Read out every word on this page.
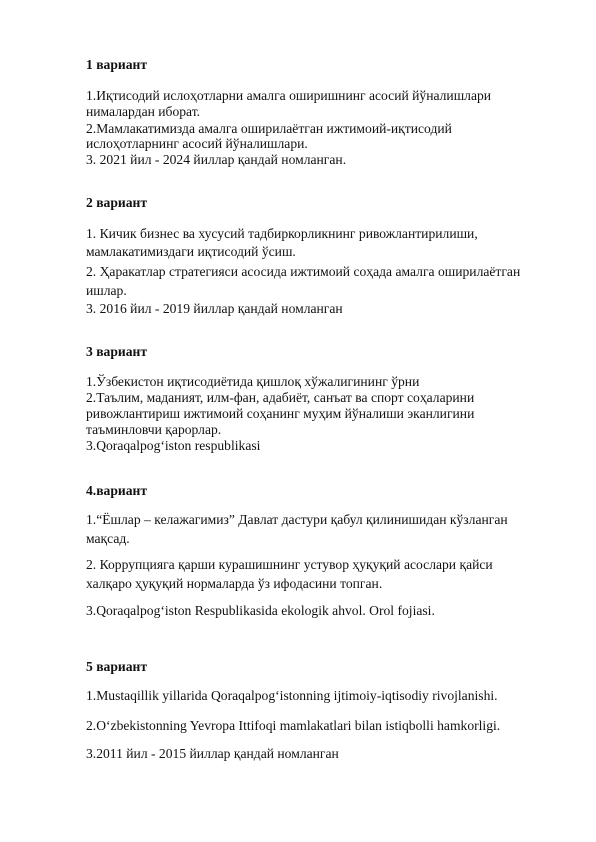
1 вариант
1.Иқтисодий ислоҳотларни амалга оширишнинг асосий йўналишлари
нималардан иборат.
2.Мамлакатимизда амалга оширилаётган ижтимоий-иқтисодий
ислоҳотларнинг асосий йўналишлари.
3. 2021 йил - 2024 йиллар қандай номланган.
2 вариант
1. Кичик бизнес ва хусусий тадбиркорликнинг ривожлантирилиши,
мамлакатимиздаги иқтисодий ўсиш.
2. Ҳаракатлар стратегияси асосида ижтимоий соҳада амалга оширилаётган
ишлар.
3. 2016 йил - 2019 йиллар қандай номланган
3 вариант
1.Ўзбекистон иқтисодиётида қишлоқ хўжалигининг ўрни
2.Таълим, маданият, илм-фан, адабиёт, санъат ва спорт соҳаларини
ривожлантириш ижтимоий соҳанинг муҳим йўналиши эканлигини
таъминловчи қарорлар.
3.Qoraqalpog‘iston respublikasi
4.вариант
1.“Ёшлар – келажагимиз” Давлат дастури қабул қилинишидан кўзланган
мақсад.
2. Коррупцияга қарши курашишнинг устувор ҳуқуқий асослари қайси
халқаро ҳуқуқий нормаларда ўз ифодасини топган.
3.Qoraqalpog‘iston Respublikasida ekologik ahvol. Orol fojiasi.
5 вариант
1.Mustaqillik yillarida Qoraqalpog‘istonning ijtimoiy-iqtisodiy rivojlanishi.
2.O‘zbekistonning Yevropa Ittifoqi mamlakatlari bilan istiqbolli hamkorligi.
3.2011 йил - 2015 йиллар қандай номланган
